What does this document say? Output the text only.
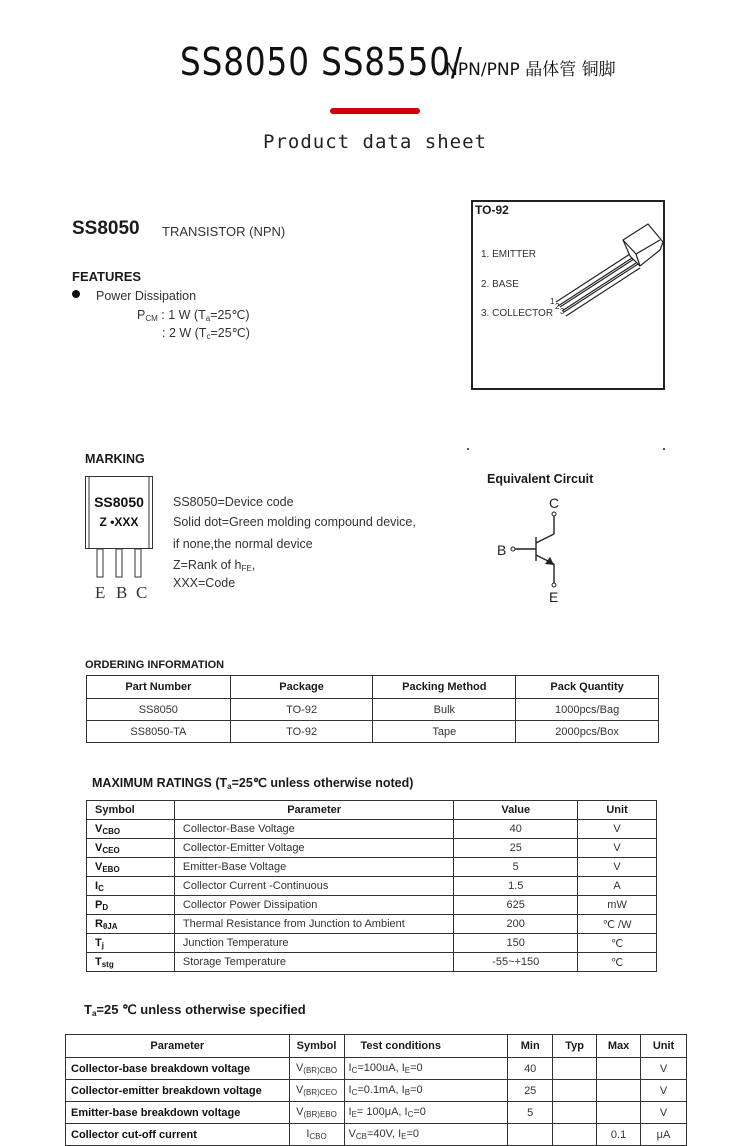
SS8050 SS8550/NPN/PNP 晶体管 铜脚
Product data sheet
SS8050 TRANSISTOR (NPN)
FEATURES
Power Dissipation
$P_{CM}$ : 1 W $(T_a=25℃)$
: 2 W $(T_c=25℃)$
TO-92
1. EMITTER
2. BASE
3. COLLECTOR
1
2
3
MARKING
SS8050
Z •XXX
E B C
SS8050=Device code
Solid dot=Green molding compound device,
if none,the normal device
Z=Rank of $h_{FE}$,
XXX=Code
Equivalent Circuit
C
B
E
ORDERING INFORMATION
Part Number	Package	Packing Method	Pack Quantity
SS8050	TO-92	Bulk	1000pcs/Bag
SS8050-TA	TO-92	Tape	2000pcs/Box
MAXIMUM RATINGS ($T_a=25℃$ unless otherwise noted)
Symbol	Parameter	Value	Unit
$V_{CBO}$	Collector-Base Voltage	40	V
$V_{CEO}$	Collector-Emitter Voltage	25	V
$V_{EBO}$	Emitter-Base Voltage	5	V
$I_C$	Collector Current -Continuous	1.5	A
$P_D$	Collector Power Dissipation	625	mW
$R_{\theta JA}$	Thermal Resistance from Junction to Ambient	200	℃ /W
$T_j$	Junction Temperature	150	℃
$T_{stg}$	Storage Temperature	-55~+150	℃
$T_a=25$ ℃ unless otherwise specified
Parameter	Symbol	Test conditions	Min	Typ	Max	Unit
Collector-base breakdown voltage	$V_{(BR)CBO}$	$I_C=100uA$, $I_E=0$	40			V
Collector-emitter breakdown voltage	$V_{(BR)CEO}$	$I_C=0.1mA$, $I_B=0$	25			V
Emitter-base breakdown voltage	$V_{(BR)EBO}$	$I_E= 100\mu A$, $I_C=0$	5			V
Collector cut-off current	$I_{CBO}$	$V_{CB}=40V$, $I_E=0$			0.1	μA
